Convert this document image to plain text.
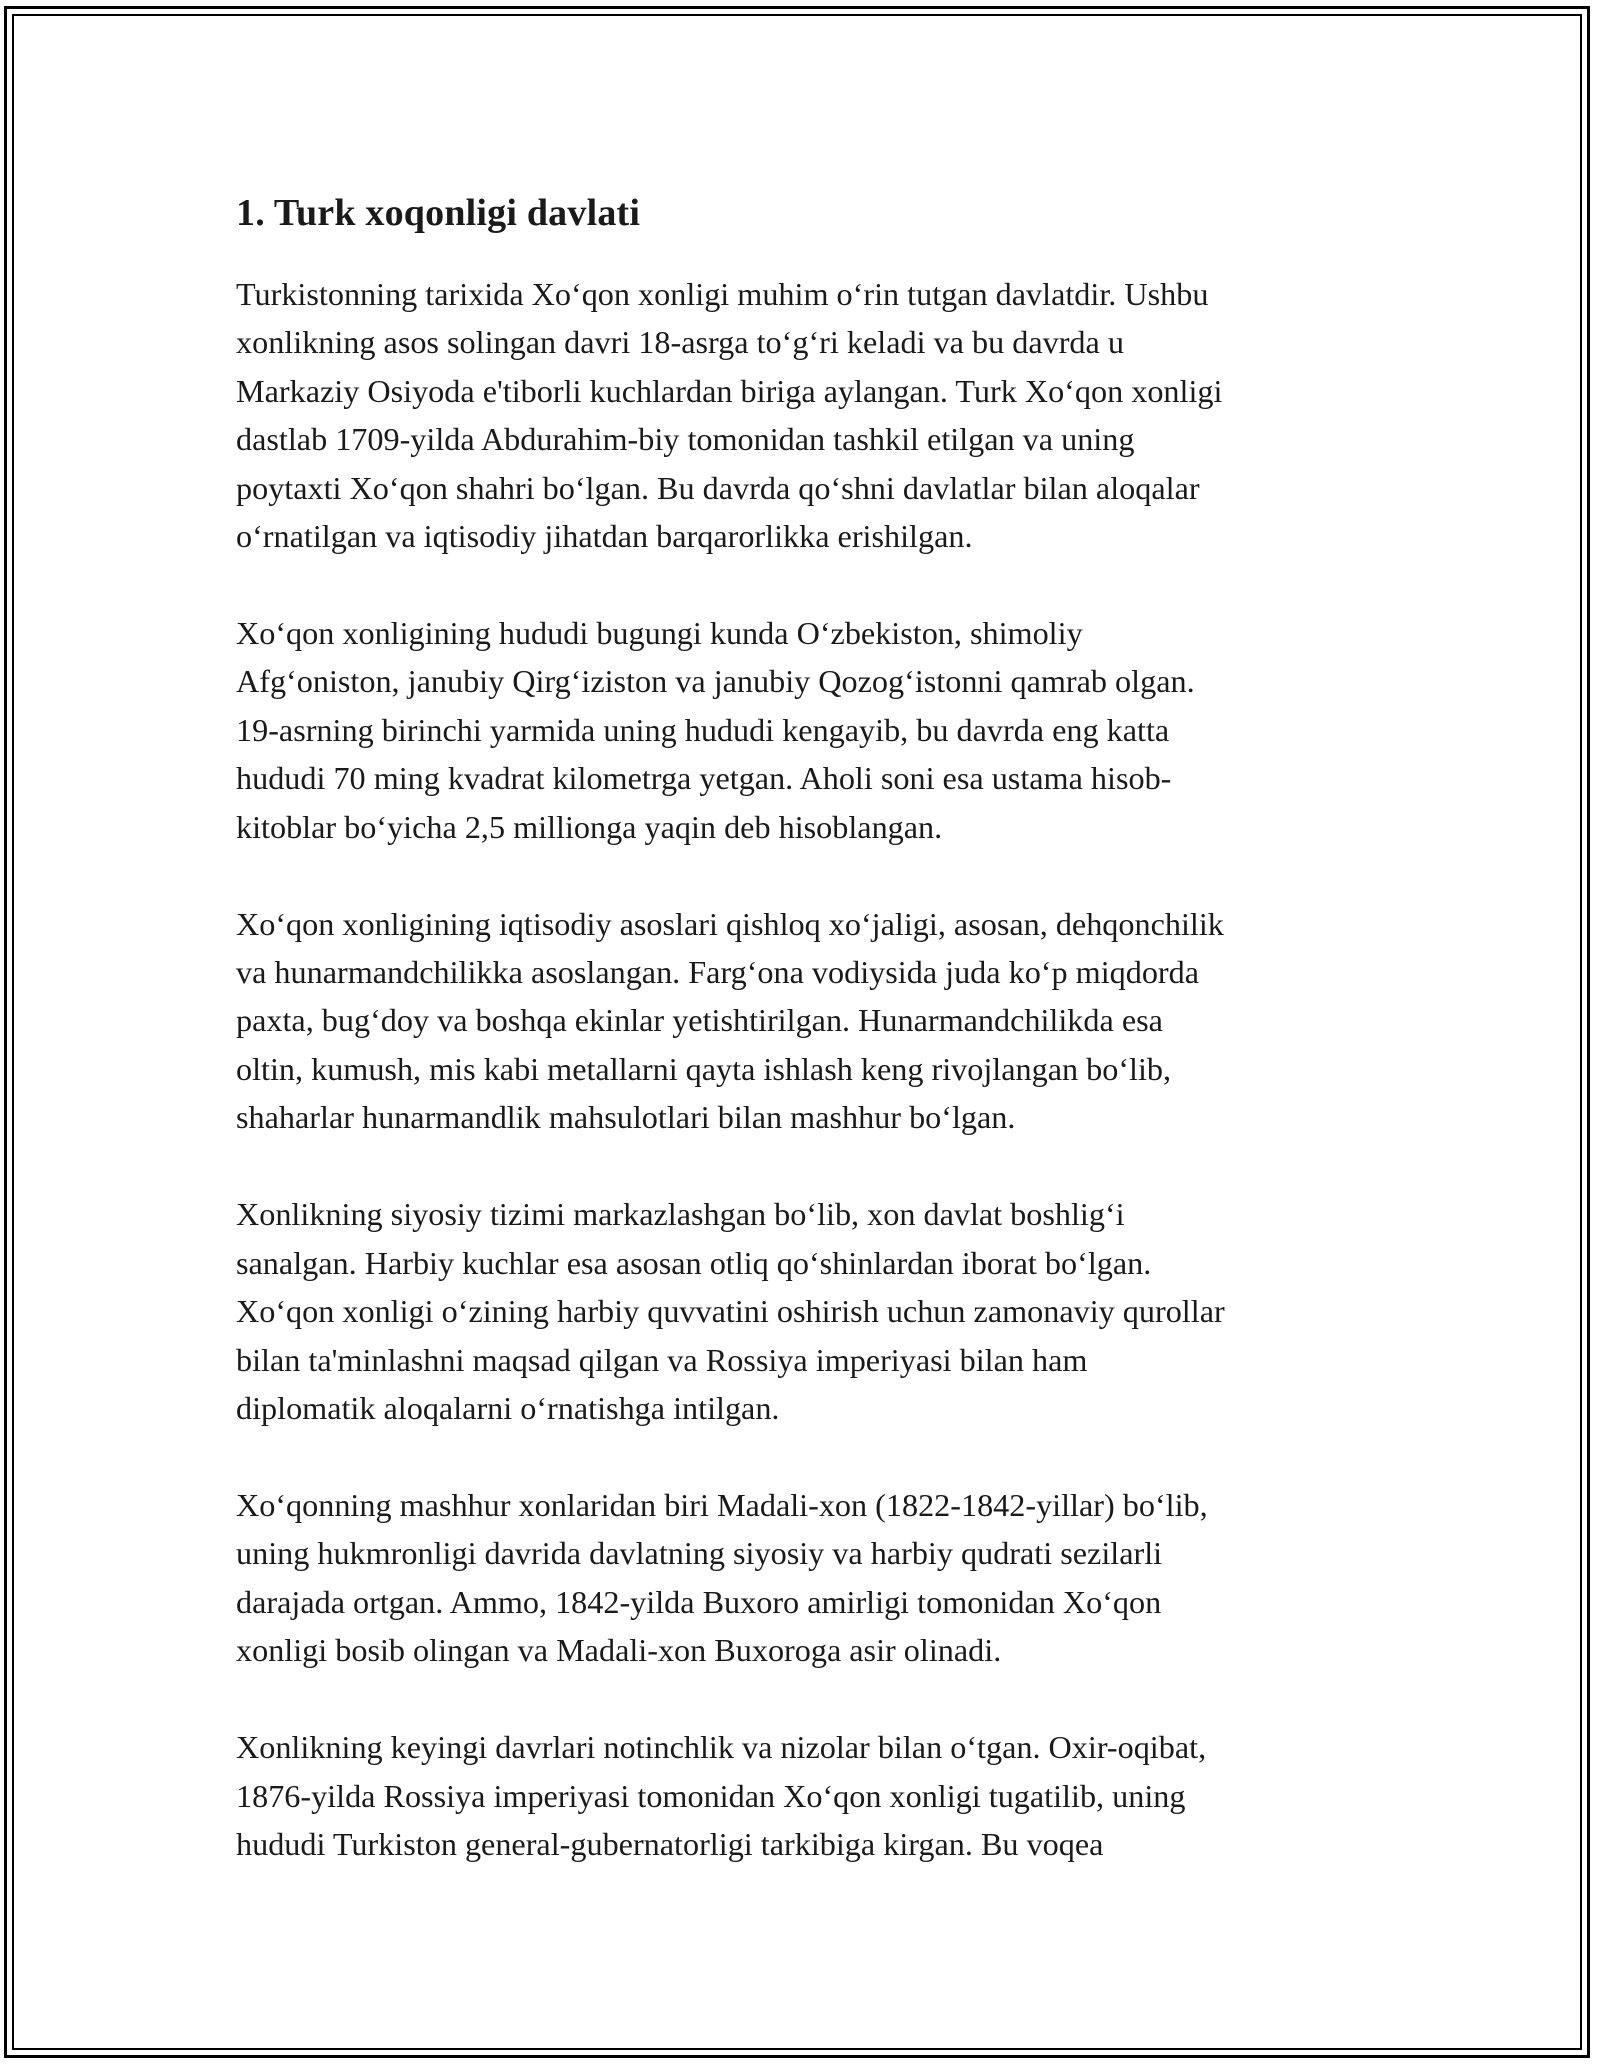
1. Turk xoqonligi davlati

Turkistonning tarixida Xoʻqon xonligi muhim oʻrin tutgan davlatdir. Ushbu
xonlikning asos solingan davri 18-asrga toʻgʻri keladi va bu davrda u
Markaziy Osiyoda e'tiborli kuchlardan biriga aylangan. Turk Xoʻqon xonligi
dastlab 1709-yilda Abdurahim-biy tomonidan tashkil etilgan va uning
poytaxti Xoʻqon shahri boʻlgan. Bu davrda qoʻshni davlatlar bilan aloqalar
oʻrnatilgan va iqtisodiy jihatdan barqarorlikka erishilgan.

Xoʻqon xonligining hududi bugungi kunda Oʻzbekiston, shimoliy
Afgʻoniston, janubiy Qirgʻiziston va janubiy Qozogʻistonni qamrab olgan.
19-asrning birinchi yarmida uning hududi kengayib, bu davrda eng katta
hududi 70 ming kvadrat kilometrga yetgan. Aholi soni esa ustama hisob-
kitoblar boʻyicha 2,5 millionga yaqin deb hisoblangan.

Xoʻqon xonligining iqtisodiy asoslari qishloq xoʻjaligi, asosan, dehqonchilik
va hunarmandchilikka asoslangan. Fargʻona vodiysida juda koʻp miqdorda
paxta, bugʻdoy va boshqa ekinlar yetishtirilgan. Hunarmandchilikda esa
oltin, kumush, mis kabi metallarni qayta ishlash keng rivojlangan boʻlib,
shaharlar hunarmandlik mahsulotlari bilan mashhur boʻlgan.

Xonlikning siyosiy tizimi markazlashgan boʻlib, xon davlat boshligʻi
sanalgan. Harbiy kuchlar esa asosan otliq qoʻshinlardan iborat boʻlgan.
Xoʻqon xonligi oʻzining harbiy quvvatini oshirish uchun zamonaviy qurollar
bilan ta'minlashni maqsad qilgan va Rossiya imperiyasi bilan ham
diplomatik aloqalarni oʻrnatishga intilgan.

Xoʻqonning mashhur xonlaridan biri Madali-xon (1822-1842-yillar) boʻlib,
uning hukmronligi davrida davlatning siyosiy va harbiy qudrati sezilarli
darajada ortgan. Ammo, 1842-yilda Buxoro amirligi tomonidan Xoʻqon
xonligi bosib olingan va Madali-xon Buxoroga asir olinadi.

Xonlikning keyingi davrlari notinchlik va nizolar bilan oʻtgan. Oxir-oqibat,
1876-yilda Rossiya imperiyasi tomonidan Xoʻqon xonligi tugatilib, uning
hududi Turkiston general-gubernatorligi tarkibiga kirgan. Bu voqea
